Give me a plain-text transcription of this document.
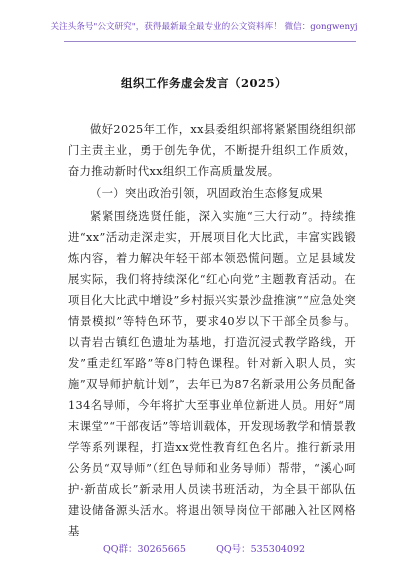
关注头条号"公文研究"，获得最新最全最专业的公文资料库！ 微信：gongwenyj
组织工作务虚会发言（2025）
做好2025年工作，xx县委组织部将紧紧围绕组织部门主责主业，勇于创先争优，不断提升组织工作质效，奋力推动新时代xx组织工作高质量发展。
（一）突出政治引领，巩固政治生态修复成果
紧紧围绕选贤任能，深入实施“三大行动”。持续推进“xx”活动走深走实，开展项目化大比武，丰富实践锻炼内容，着力解决年轻干部本领恐慌问题。立足县域发展实际，我们将持续深化“红心向党”主题教育活动。在项目化大比武中增设”乡村振兴实景沙盘推演”“应急处突情景模拟”等特色环节，要求40岁以下干部全员参与。以青岩古镇红色遗址为基地，打造沉浸式教学路线，开发”重走红军路”等8门特色课程。针对新入职人员，实施”双导师护航计划”，去年已为87名新录用公务员配备134名导师，今年将扩大至事业单位新进人员。用好“周末课堂”“干部夜话”等培训载体，开发现场教学和情景教学等系列课程，打造xx党性教育红色名片。推行新录用公务员“双导师”（红色导师和业务导师）帮带，“溪心呵护·新苗成长”新录用人员读书班活动，为全县干部队伍建设储备源头活水。将退出领导岗位干部融入社区网格基
QQ群：30265665          QQ号：535304092
